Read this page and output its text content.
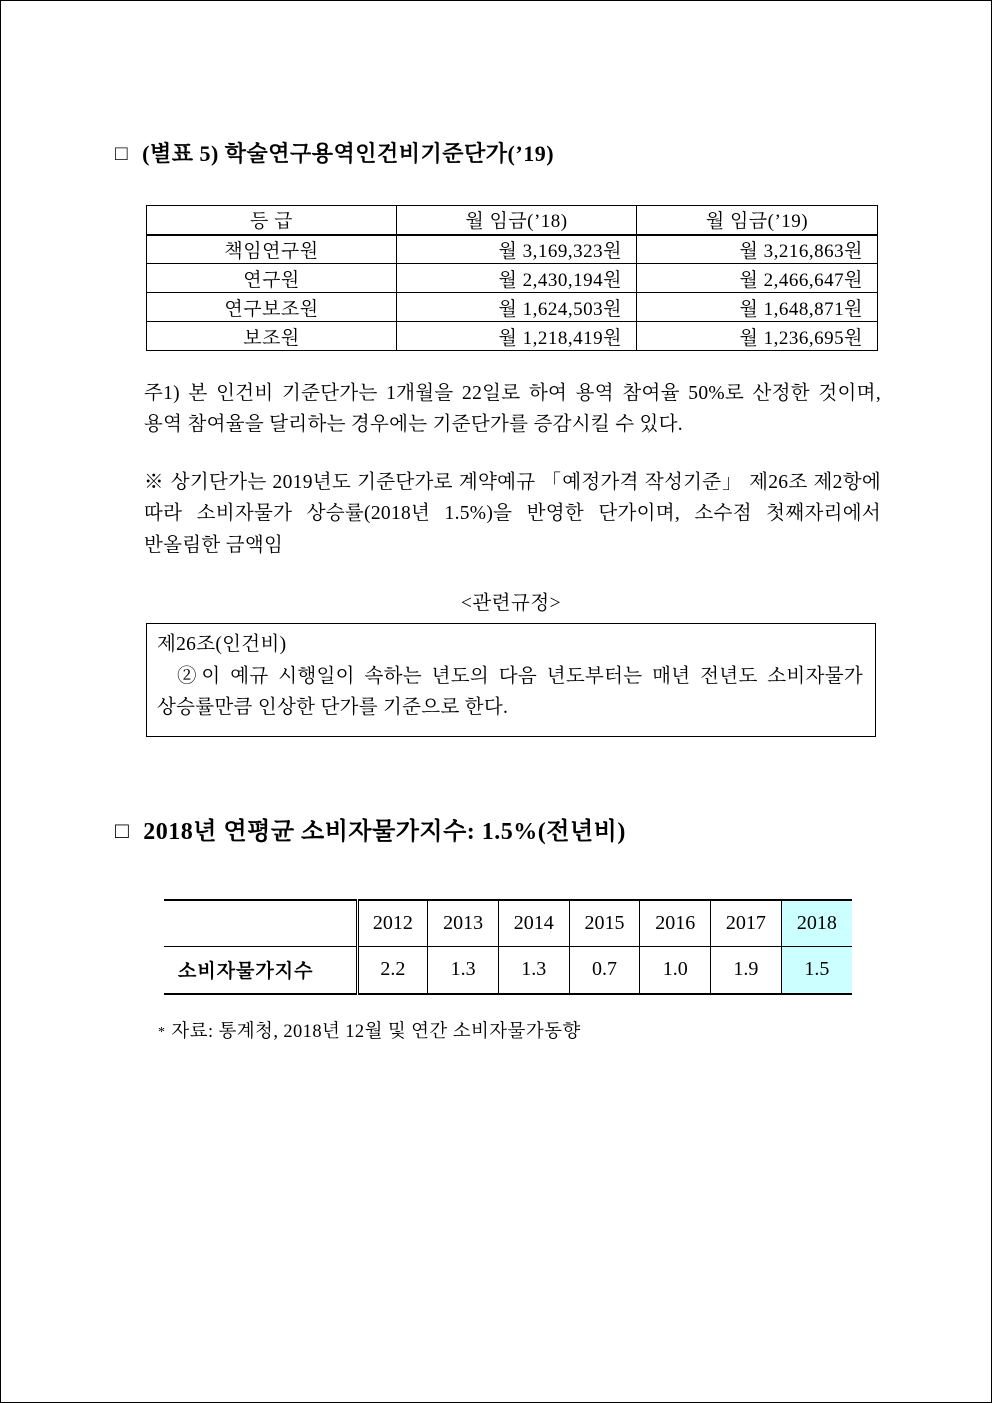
□ (별표 5) 학술연구용역인건비기준단가(’19)
등 급	월 임금(’18)	월 임금(’19)
책임연구원	월 3,169,323원	월 3,216,863원
연구원	월 2,430,194원	월 2,466,647원
연구보조원	월 1,624,503원	월 1,648,871원
보조원	월 1,218,419원	월 1,236,695원

주1) 본 인건비 기준단가는 1개월을 22일로 하여 용역 참여율 50%로 산정한 것이며, 용역 참여율을 달리하는 경우에는 기준단가를 증감시킬 수 있다.

※ 상기단가는 2019년도 기준단가로 계약예규 「예정가격 작성기준」 제26조 제2항에 따라 소비자물가 상승률(2018년 1.5%)을 반영한 단가이며, 소수점 첫째자리에서 반올림한 금액임

<관련규정>
제26조(인건비)
②이 예규 시행일이 속하는 년도의 다음 년도부터는 매년 전년도 소비자물가 상승률만큼 인상한 단가를 기준으로 한다.
□ 2018년 연평균 소비자물가지수: 1.5%(전년비)
	2012	2013	2014	2015	2016	2017	2018
소비자물가지수	2.2	1.3	1.3	0.7	1.0	1.9	1.5
* 자료: 통계청, 2018년 12월 및 연간 소비자물가동향
